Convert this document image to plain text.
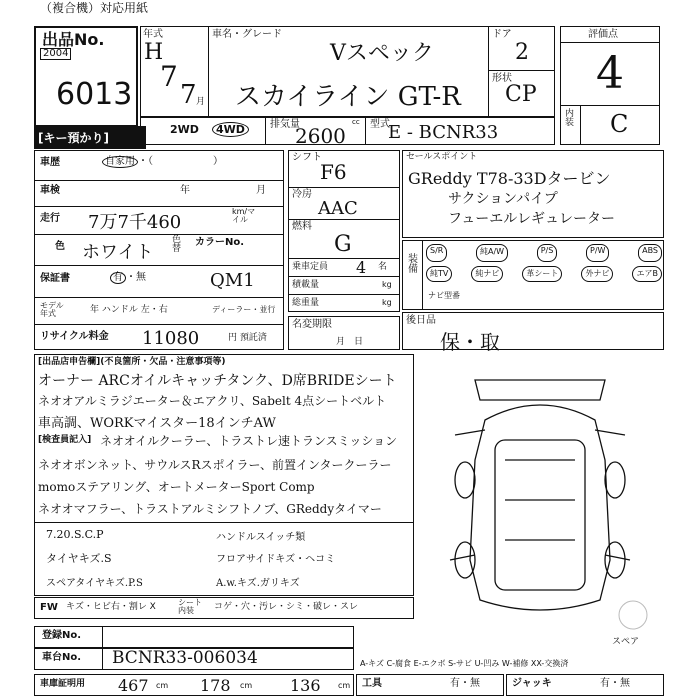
（複合機）対応用紙
出品No.
2004
6013
[キー預かり]
年式
H
7
7 月
車名・グレード
Vスペック
スカイライン GT-R
ドア
2
形状
CP
評価点
4
内装 C
2WD	4WD	排気量
2600
cc 型式
E - BCNR33
車歴	自家用 ・（　　　　　　）
車検	年	月
走行 7万7千460
km/マイル
色 ホワイト
色替
カラーNo.
QM1
保証書	有 ・無
モデル年式	年 ハンドル 左・右	ディーラー・並行
リサイクル料金 11080	円 預託済
シフト
F6
冷房
AAC
燃料
G
乗車定員 4 名
積載量	kg
総重量	kg
名変期限
月　日
セールスポイント
GReddy T78-33Dタービン
サクションパイプ
フューエルレギュレーター
装備
S/R	純A/W	P/S	P/W	ABS
純TV	純ナビ	革シート	外ナビ	エアB
ナビ型番
後日品
保・取
[出品店申告欄](不良箇所・欠品・注意事項等)
オーナー ARCオイルキャッチタンク、D席BRIDEシート
ネオオアルミラジエーター＆エアクリ、Sabelt 4点シートベルト
車高調、WORKマイスター18インチAW
[検査員記入] ネオオイルクーラー、トラストレ速トランスミッション
ネオオボンネット、サウルスRスポイラー、前置インタークーラー
momoステアリング、オートメーターSport Comp
ネオオマフラー、トラストアルミシフトノブ、GReddyタイマー
7.20.S.C.P	ハンドルスイッチ類
タイヤキズ.S	フロアサイドキズ・ヘコミ
スペアタイヤキズ.P.S	A.w.キズ.ガリキズ
FW キズ・ヒビ右・割レ X	シート内装	コゲ・穴・汚レ・シミ・破レ・スレ
スペア
登録No.
車台No. BCNR33-006034	A-キズ C-腐食 E-エクボ S-サビ U-凹み W-補修 XX-交換済
車庫証明用 467 cm 178 cm 136 cm 工具	有・無	ジャッキ	有・無
